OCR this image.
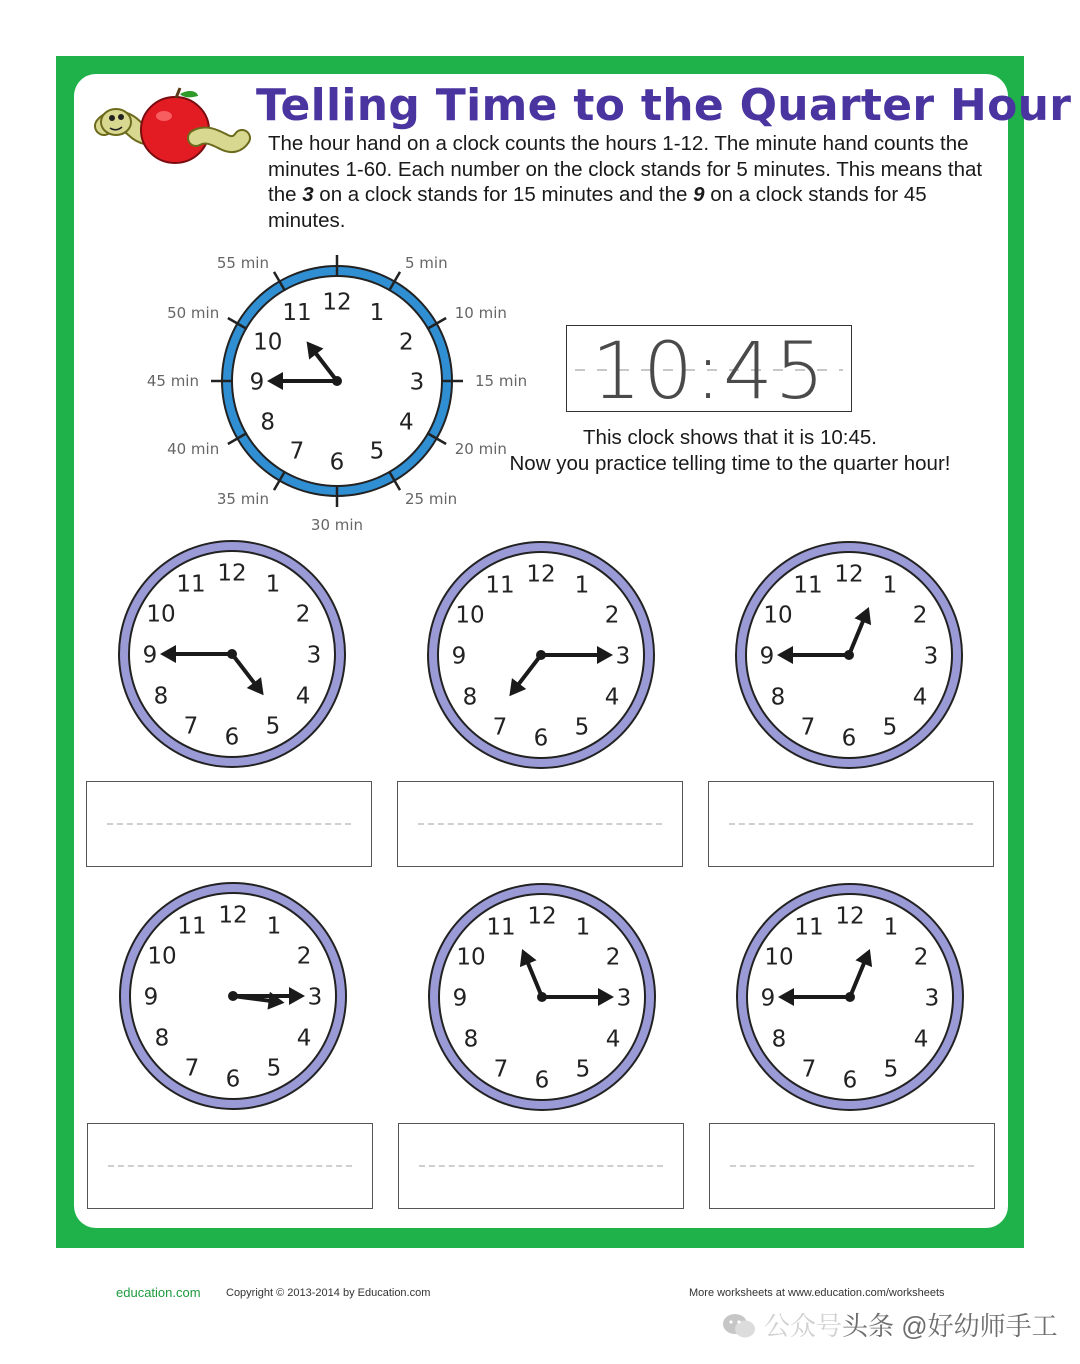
Telling Time to the Quarter Hour

The hour hand on a clock counts the hours 1-12. The minute hand counts the minutes 1-60. Each number on the clock stands for 5 minutes. This means that the 3 on a clock stands for 15 minutes and the 9 on a clock stands for 45 minutes.

12 1
2
3
4
5
6
7
8
9
10
11
5 min
10 min
15 min
20 min
25 min
30 min
35 min
40 min
45 min
50 min
55 min
10:45

This clock shows that it is 10:45.
Now you practice telling time to the quarter hour!

12 1
2
3
4
5
6
7
8
9
10
11	12 1
2
3
4
5
6
7
8
9
10
11	12 1
2
3
4
5
6
7
8
9
10
11
12 1
2
3
4
5
6
7
8
9
10
11	12 1
2
3
4
5
6
7
8
9
10
11	12 1
2
3
4
5
6
7
8
9
10
11
education.com Copyright © 2013-2014 by Education.com	More worksheets at www.education.com/worksheets
公众号头条 @好幼师手工
